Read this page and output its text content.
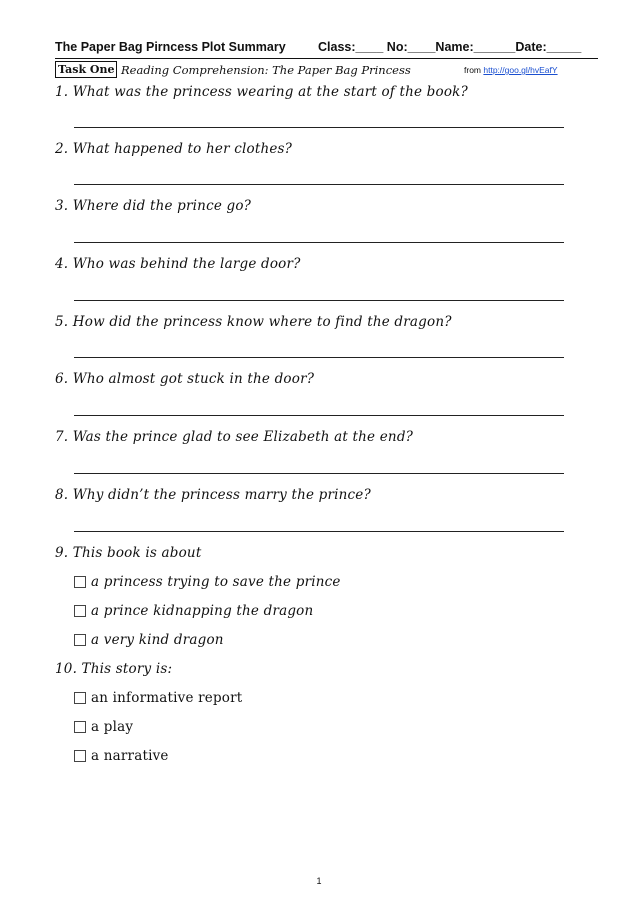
The Paper Bag Pirncess Plot Summary	Class:____ No:____Name:______Date:_____
Task One Reading Comprehension: The Paper Bag Princess	from http://goo.gl/hvEafY
1. What was the princess wearing at the start of the book?
2. What happened to her clothes?
3. Where did the prince go?
4. Who was behind the large door?
5. How did the princess know where to find the dragon?
6. Who almost got stuck in the door?
7. Was the prince glad to see Elizabeth at the end?
8. Why didn’t the princess marry the prince?
9. This book is about
a princess trying to save the prince
a prince kidnapping the dragon
a very kind dragon
10. This story is:
an informative report
a play
a narrative
1
